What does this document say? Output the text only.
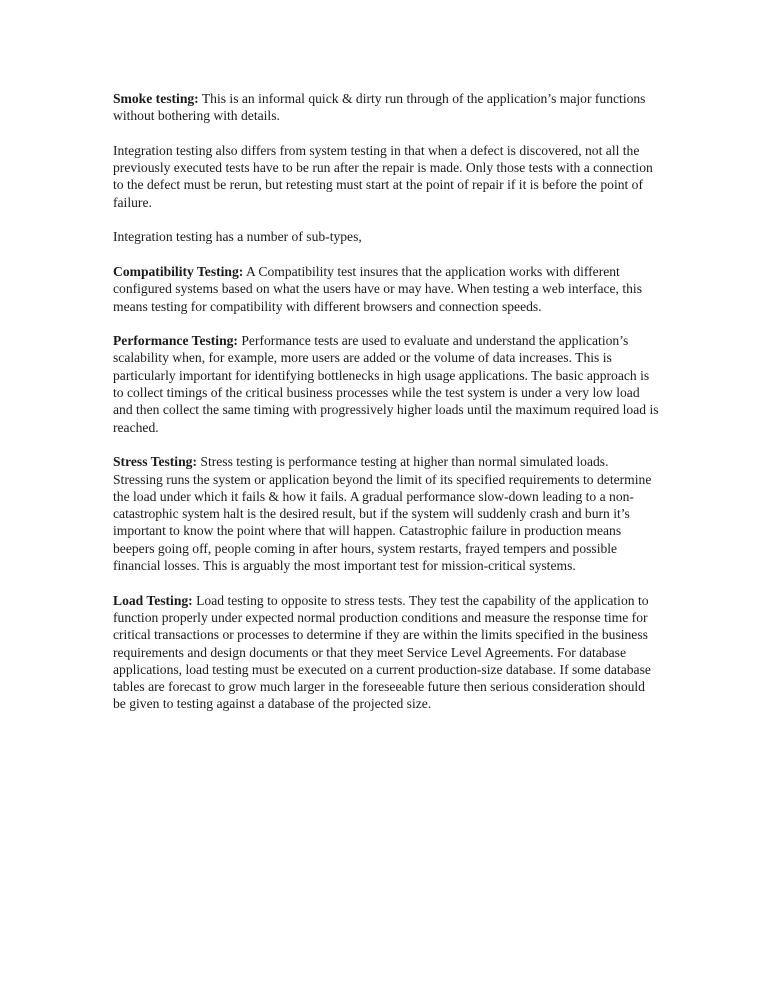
Smoke testing: This is an informal quick & dirty run through of the application’s major functions without bothering with details.

Integration testing also differs from system testing in that when a defect is discovered, not all the previously executed tests have to be run after the repair is made. Only those tests with a connection to the defect must be rerun, but retesting must start at the point of repair if it is before the point of failure.

Integration testing has a number of sub-types,

Compatibility Testing: A Compatibility test insures that the application works with different configured systems based on what the users have or may have. When testing a web interface, this means testing for compatibility with different browsers and connection speeds.

Performance Testing: Performance tests are used to evaluate and understand the application’s scalability when, for example, more users are added or the volume of data increases. This is particularly important for identifying bottlenecks in high usage applications. The basic approach is to collect timings of the critical business processes while the test system is under a very low load and then collect the same timing with progressively higher loads until the maximum required load is reached.

Stress Testing: Stress testing is performance testing at higher than normal simulated loads. Stressing runs the system or application beyond the limit of its specified requirements to determine the load under which it fails & how it fails. A gradual performance slow-down leading to a non-catastrophic system halt is the desired result, but if the system will suddenly crash and burn it’s important to know the point where that will happen. Catastrophic failure in production means beepers going off, people coming in after hours, system restarts, frayed tempers and possible financial losses. This is arguably the most important test for mission-critical systems.

Load Testing: Load testing to opposite to stress tests. They test the capability of the application to function properly under expected normal production conditions and measure the response time for critical transactions or processes to determine if they are within the limits specified in the business requirements and design documents or that they meet Service Level Agreements. For database applications, load testing must be executed on a current production-size database. If some database tables are forecast to grow much larger in the foreseeable future then serious consideration should be given to testing against a database of the projected size.
